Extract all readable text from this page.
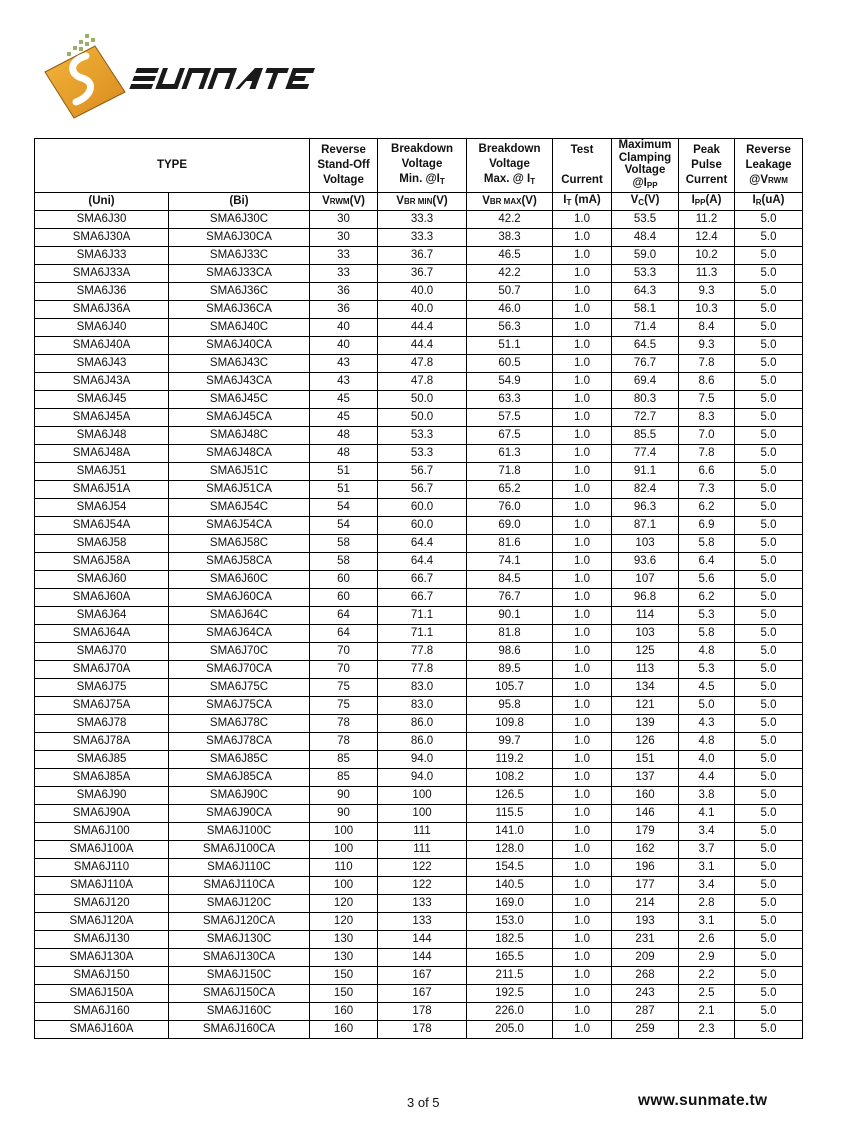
TYPE		Reverse
Stand-Off
Voltage	Breakdown
Voltage
Min. $@I_T$	Breakdown
Voltage
Max. @ $I_T$	Test

Current	Maximum
Clamping
Voltage
$@I_{PP}$	Peak
Pulse
Current	Reverse
Leakage
@VRWM
(Uni)	(Bi)	VRWM(V)	VBR MIN(V)	VBR MAX(V)	$I_T$ (mA)	$V_C(V)$	$I_{PP}(A)$	$I_R(uA)$
SMA6J30	SMA6J30C	30	33.3	42.2	1.0	53.5	11.2	5.0
SMA6J30A	SMA6J30CA	30	33.3	38.3	1.0	48.4	12.4	5.0
SMA6J33	SMA6J33C	33	36.7	46.5	1.0	59.0	10.2	5.0
SMA6J33A	SMA6J33CA	33	36.7	42.2	1.0	53.3	11.3	5.0
SMA6J36	SMA6J36C	36	40.0	50.7	1.0	64.3	9.3	5.0
SMA6J36A	SMA6J36CA	36	40.0	46.0	1.0	58.1	10.3	5.0
SMA6J40	SMA6J40C	40	44.4	56.3	1.0	71.4	8.4	5.0
SMA6J40A	SMA6J40CA	40	44.4	51.1	1.0	64.5	9.3	5.0
SMA6J43	SMA6J43C	43	47.8	60.5	1.0	76.7	7.8	5.0
SMA6J43A	SMA6J43CA	43	47.8	54.9	1.0	69.4	8.6	5.0
SMA6J45	SMA6J45C	45	50.0	63.3	1.0	80.3	7.5	5.0
SMA6J45A	SMA6J45CA	45	50.0	57.5	1.0	72.7	8.3	5.0
SMA6J48	SMA6J48C	48	53.3	67.5	1.0	85.5	7.0	5.0
SMA6J48A	SMA6J48CA	48	53.3	61.3	1.0	77.4	7.8	5.0
SMA6J51	SMA6J51C	51	56.7	71.8	1.0	91.1	6.6	5.0
SMA6J51A	SMA6J51CA	51	56.7	65.2	1.0	82.4	7.3	5.0
SMA6J54	SMA6J54C	54	60.0	76.0	1.0	96.3	6.2	5.0
SMA6J54A	SMA6J54CA	54	60.0	69.0	1.0	87.1	6.9	5.0
SMA6J58	SMA6J58C	58	64.4	81.6	1.0	103	5.8	5.0
SMA6J58A	SMA6J58CA	58	64.4	74.1	1.0	93.6	6.4	5.0
SMA6J60	SMA6J60C	60	66.7	84.5	1.0	107	5.6	5.0
SMA6J60A	SMA6J60CA	60	66.7	76.7	1.0	96.8	6.2	5.0
SMA6J64	SMA6J64C	64	71.1	90.1	1.0	114	5.3	5.0
SMA6J64A	SMA6J64CA	64	71.1	81.8	1.0	103	5.8	5.0
SMA6J70	SMA6J70C	70	77.8	98.6	1.0	125	4.8	5.0
SMA6J70A	SMA6J70CA	70	77.8	89.5	1.0	113	5.3	5.0
SMA6J75	SMA6J75C	75	83.0	105.7	1.0	134	4.5	5.0
SMA6J75A	SMA6J75CA	75	83.0	95.8	1.0	121	5.0	5.0
SMA6J78	SMA6J78C	78	86.0	109.8	1.0	139	4.3	5.0
SMA6J78A	SMA6J78CA	78	86.0	99.7	1.0	126	4.8	5.0
SMA6J85	SMA6J85C	85	94.0	119.2	1.0	151	4.0	5.0
SMA6J85A	SMA6J85CA	85	94.0	108.2	1.0	137	4.4	5.0
SMA6J90	SMA6J90C	90	100	126.5	1.0	160	3.8	5.0
SMA6J90A	SMA6J90CA	90	100	115.5	1.0	146	4.1	5.0
SMA6J100	SMA6J100C	100	111	141.0	1.0	179	3.4	5.0
SMA6J100A	SMA6J100CA	100	111	128.0	1.0	162	3.7	5.0
SMA6J110	SMA6J110C	110	122	154.5	1.0	196	3.1	5.0
SMA6J110A	SMA6J110CA	100	122	140.5	1.0	177	3.4	5.0
SMA6J120	SMA6J120C	120	133	169.0	1.0	214	2.8	5.0
SMA6J120A	SMA6J120CA	120	133	153.0	1.0	193	3.1	5.0
SMA6J130	SMA6J130C	130	144	182.5	1.0	231	2.6	5.0
SMA6J130A	SMA6J130CA	130	144	165.5	1.0	209	2.9	5.0
SMA6J150	SMA6J150C	150	167	211.5	1.0	268	2.2	5.0
SMA6J150A	SMA6J150CA	150	167	192.5	1.0	243	2.5	5.0
SMA6J160	SMA6J160C	160	178	226.0	1.0	287	2.1	5.0
SMA6J160A	SMA6J160CA	160	178	205.0	1.0	259	2.3	5.0
3 of 5	www.sunmate.tw
